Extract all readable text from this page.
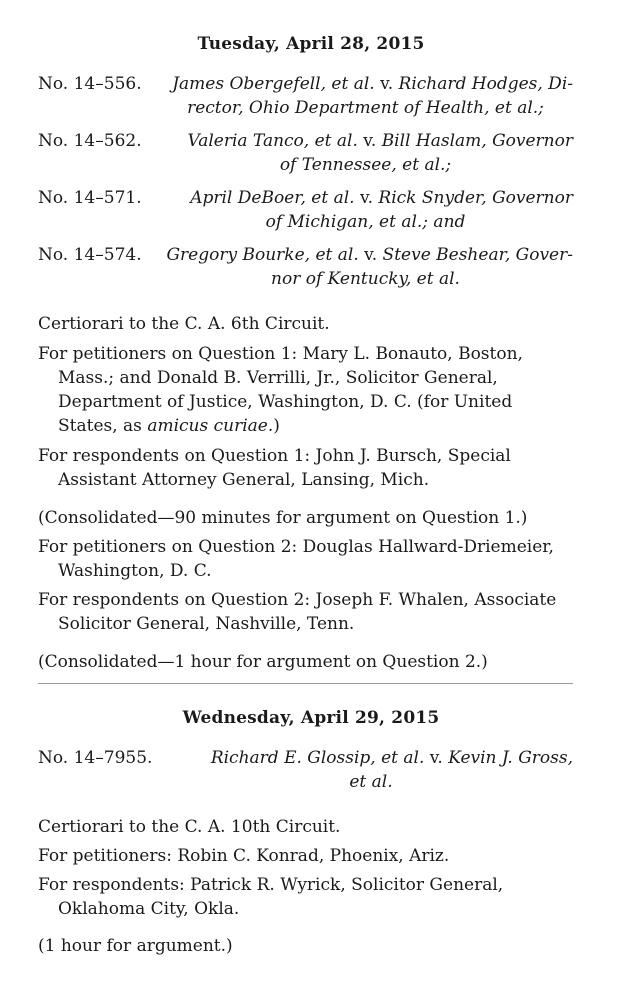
Tuesday, April 28, 2015
No. 14–556.	James Obergefell, et al. v. Richard Hodges, Di-
rector, Ohio Department of Health, et al.;
No. 14–562.	Valeria Tanco, et al. v. Bill Haslam, Governor
of Tennessee, et al.;
No. 14–571.	April DeBoer, et al. v. Rick Snyder, Governor
of Michigan, et al.; and
No. 14–574.	Gregory Bourke, et al. v. Steve Beshear, Gover-
nor of Kentucky, et al.
Certiorari to the C. A. 6th Circuit.
For petitioners on Question 1: Mary L. Bonauto, Boston, Mass.; and Donald B. Verrilli, Jr., Solicitor General, Department of Justice, Washington, D. C. (for United States, as amicus curiae.)
For respondents on Question 1: John J. Bursch, Special Assistant Attorney General, Lansing, Mich.
(Consolidated—90 minutes for argument on Question 1.)
For petitioners on Question 2: Douglas Hallward-Driemeier, Washington, D. C.
For respondents on Question 2: Joseph F. Whalen, Associate Solicitor General, Nashville, Tenn.
(Consolidated—1 hour for argument on Question 2.)
Wednesday, April 29, 2015
No. 14–7955.	Richard E. Glossip, et al. v. Kevin J. Gross,
et al.
Certiorari to the C. A. 10th Circuit.
For petitioners: Robin C. Konrad, Phoenix, Ariz.
For respondents: Patrick R. Wyrick, Solicitor General, Oklahoma City, Okla.
(1 hour for argument.)
